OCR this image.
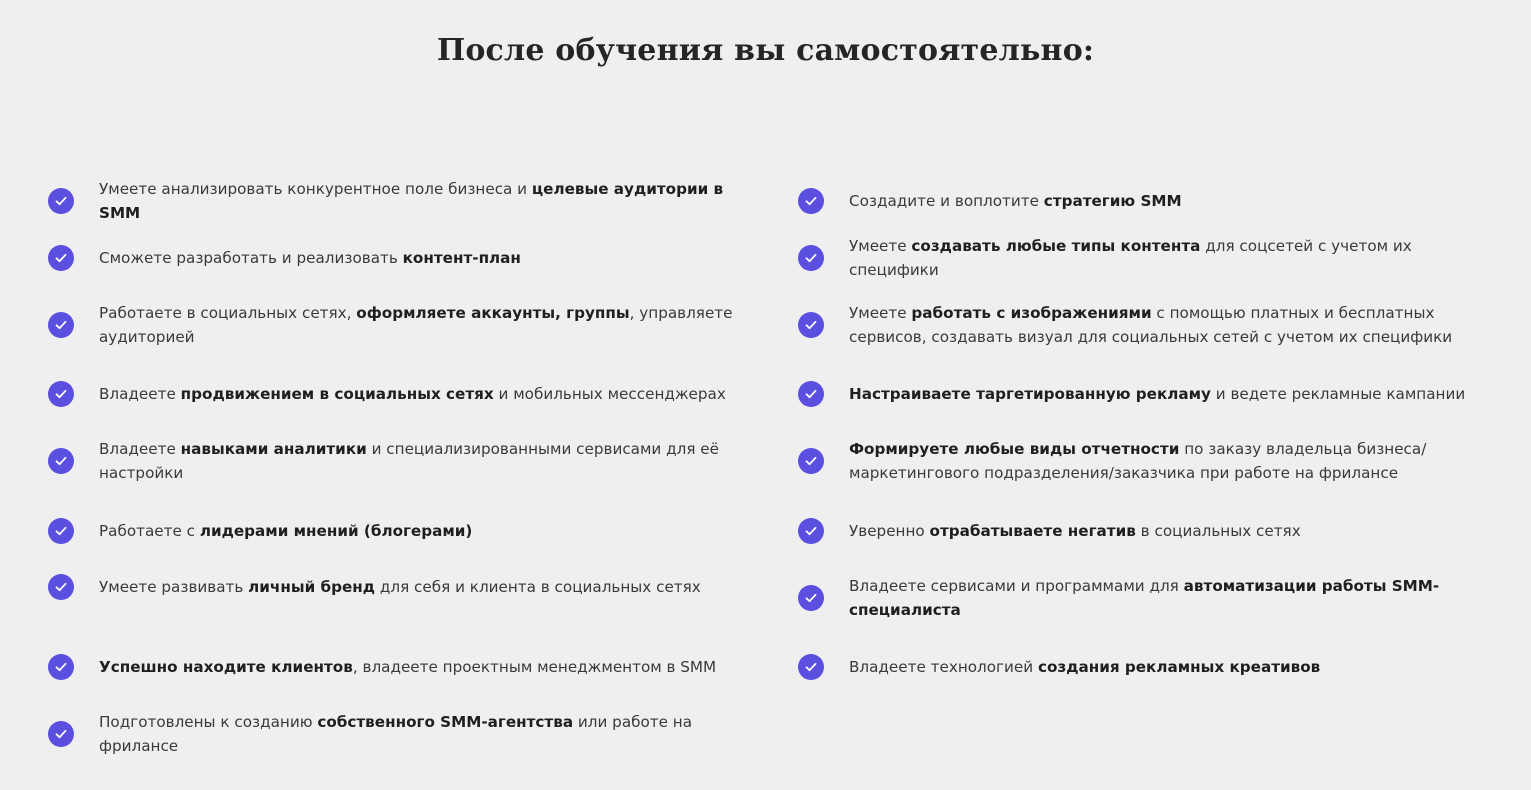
После обучения вы самостоятельно:
Умеете анализировать конкурентное поле бизнеса и целевые аудитории в SMM
Сможете разработать и реализовать контент-план
Работаете в социальных сетях, оформляете аккаунты, группы, управляете аудиторией
Владеете продвижением в социальных сетях и мобильных мессенджерах
Владеете навыками аналитики и специализированными сервисами для её настройки
Работаете с лидерами мнений (блогерами)
Умеете развивать личный бренд для себя и клиента в социальных сетях
Успешно находите клиентов, владеете проектным менеджментом в SMM
Подготовлены к созданию собственного SMM-агентства или работе на фрилансе
Создадите и воплотите стратегию SMM
Умеете создавать любые типы контента для соцсетей с учетом их специфики
Умеете работать с изображениями с помощью платных и бесплатных сервисов, создавать визуал для социальных сетей с учетом их специфики
Настраиваете таргетированную рекламу и ведете рекламные кампании
Формируете любые виды отчетности по заказу владельца бизнеса/маркетингового подразделения/заказчика при работе на фрилансе
Уверенно отрабатываете негатив в социальных сетях
Владеете сервисами и программами для автоматизации работы SMM-специалиста
Владеете технологией создания рекламных креативов
